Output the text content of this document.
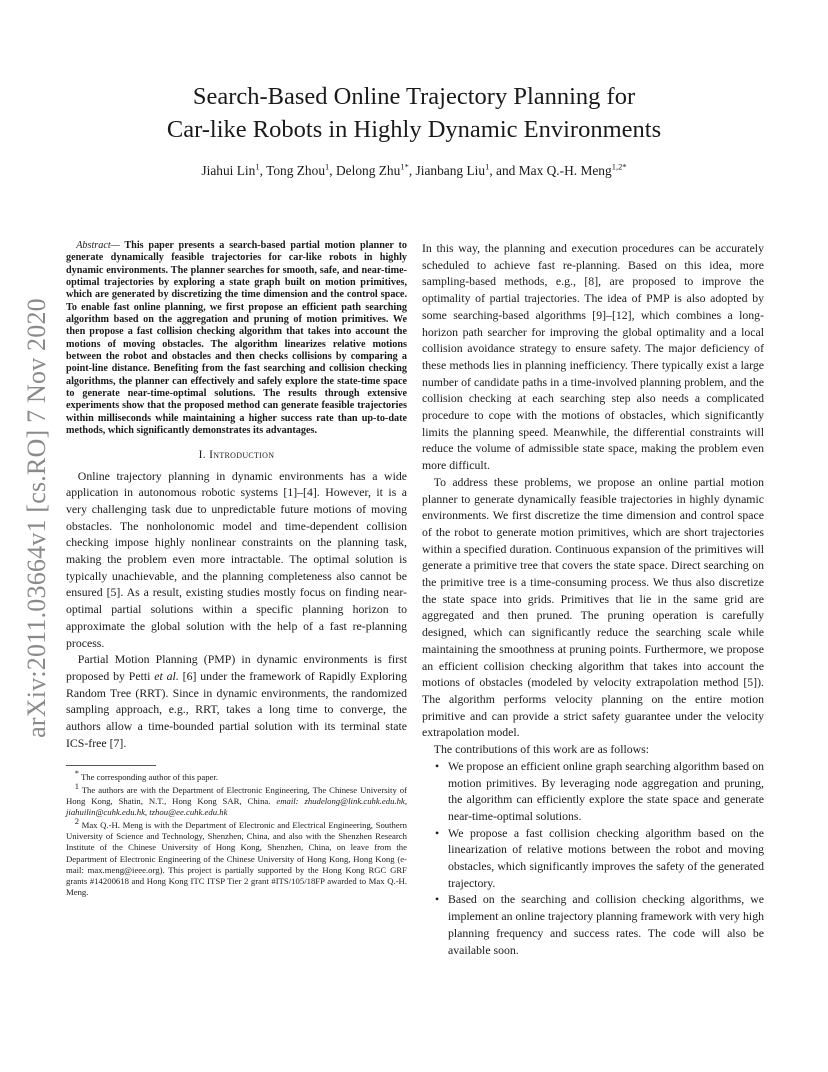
arXiv:2011.03664v1 [cs.RO] 7 Nov 2020
Search-Based Online Trajectory Planning for
Car-like Robots in Highly Dynamic Environments
Jiahui Lin$^1$, Tong Zhou$^1$, Delong Zhu$^{1*}$, Jianbang Liu$^1$, and Max Q.-H. Meng$^{1,2*}$

Abstract— This paper presents a search-based partial motion planner to generate dynamically feasible trajectories for car-like robots in highly dynamic environments. The planner searches for smooth, safe, and near-time-optimal trajectories by exploring a state graph built on motion primitives, which are generated by discretizing the time dimension and the control space. To enable fast online planning, we first propose an efficient path searching algorithm based on the aggregation and pruning of motion primitives. We then propose a fast collision checking algorithm that takes into account the motions of moving obstacles. The algorithm linearizes relative motions between the robot and obstacles and then checks collisions by comparing a point-line distance. Benefiting from the fast searching and collision checking algorithms, the planner can effectively and safely explore the state-time space to generate near-time-optimal solutions. The results through extensive experiments show that the proposed method can generate feasible trajectories within milliseconds while maintaining a higher success rate than up-to-date methods, which significantly demonstrates its advantages.

I. Introduction

Online trajectory planning in dynamic environments has a wide application in autonomous robotic systems [1]–[4]. However, it is a very challenging task due to unpredictable future motions of moving obstacles. The nonholonomic model and time-dependent collision checking impose highly nonlinear constraints on the planning task, making the problem even more intractable. The optimal solution is typically unachievable, and the planning completeness also cannot be ensured [5]. As a result, existing studies mostly focus on finding near-optimal partial solutions within a specific planning horizon to approximate the global solution with the help of a fast re-planning process.

Partial Motion Planning (PMP) in dynamic environments is first proposed by Petti et al. [6] under the framework of Rapidly Exploring Random Tree (RRT). Since in dynamic environments, the randomized sampling approach, e.g., RRT, takes a long time to converge, the authors allow a time-bounded partial solution with its terminal state ICS-free [7].

* The corresponding author of this paper.

$^1$ The authors are with the Department of Electronic Engineering, The Chinese University of Hong Kong, Shatin, N.T., Hong Kong SAR, China. email: zhudelong@link.cuhk.edu.hk, jiahuilin@cuhk.edu.hk, tzhou@ee.cuhk.edu.hk

$^2$ Max Q.-H. Meng is with the Department of Electronic and Electrical Engineering, Southern University of Science and Technology, Shenzhen, China, and also with the Shenzhen Research Institute of the Chinese University of Hong Kong, Shenzhen, China, on leave from the Department of Electronic Engineering of the Chinese University of Hong Kong, Hong Kong (e-mail: max.meng@ieee.org). This project is partially supported by the Hong Kong RGC GRF grants #14200618 and Hong Kong ITC ITSP Tier 2 grant #ITS/105/18FP awarded to Max Q.-H. Meng.

In this way, the planning and execution procedures can be accurately scheduled to achieve fast re-planning. Based on this idea, more sampling-based methods, e.g., [8], are proposed to improve the optimality of partial trajectories. The idea of PMP is also adopted by some searching-based algorithms [9]–[12], which combines a long-horizon path searcher for improving the global optimality and a local collision avoidance strategy to ensure safety. The major deficiency of these methods lies in planning inefficiency. There typically exist a large number of candidate paths in a time-involved planning problem, and the collision checking at each searching step also needs a complicated procedure to cope with the motions of obstacles, which significantly limits the planning speed. Meanwhile, the differential constraints will reduce the volume of admissible state space, making the problem even more difficult.

To address these problems, we propose an online partial motion planner to generate dynamically feasible trajectories in highly dynamic environments. We first discretize the time dimension and control space of the robot to generate motion primitives, which are short trajectories within a specified duration. Continuous expansion of the primitives will generate a primitive tree that covers the state space. Direct searching on the primitive tree is a time-consuming process. We thus also discretize the state space into grids. Primitives that lie in the same grid are aggregated and then pruned. The pruning operation is carefully designed, which can significantly reduce the searching scale while maintaining the smoothness at pruning points. Furthermore, we propose an efficient collision checking algorithm that takes into account the motions of obstacles (modeled by velocity extrapolation method [5]). The algorithm performs velocity planning on the entire motion primitive and can provide a strict safety guarantee under the velocity extrapolation model.

The contributions of this work are as follows:

• We propose an efficient online graph searching algorithm based on motion primitives. By leveraging node aggregation and pruning, the algorithm can efficiently explore the state space and generate near-time-optimal solutions.
• We propose a fast collision checking algorithm based on the linearization of relative motions between the robot and moving obstacles, which significantly improves the safety of the generated trajectory.
• Based on the searching and collision checking algorithms, we implement an online trajectory planning framework with very high planning frequency and success rates. The code will also be available soon.
